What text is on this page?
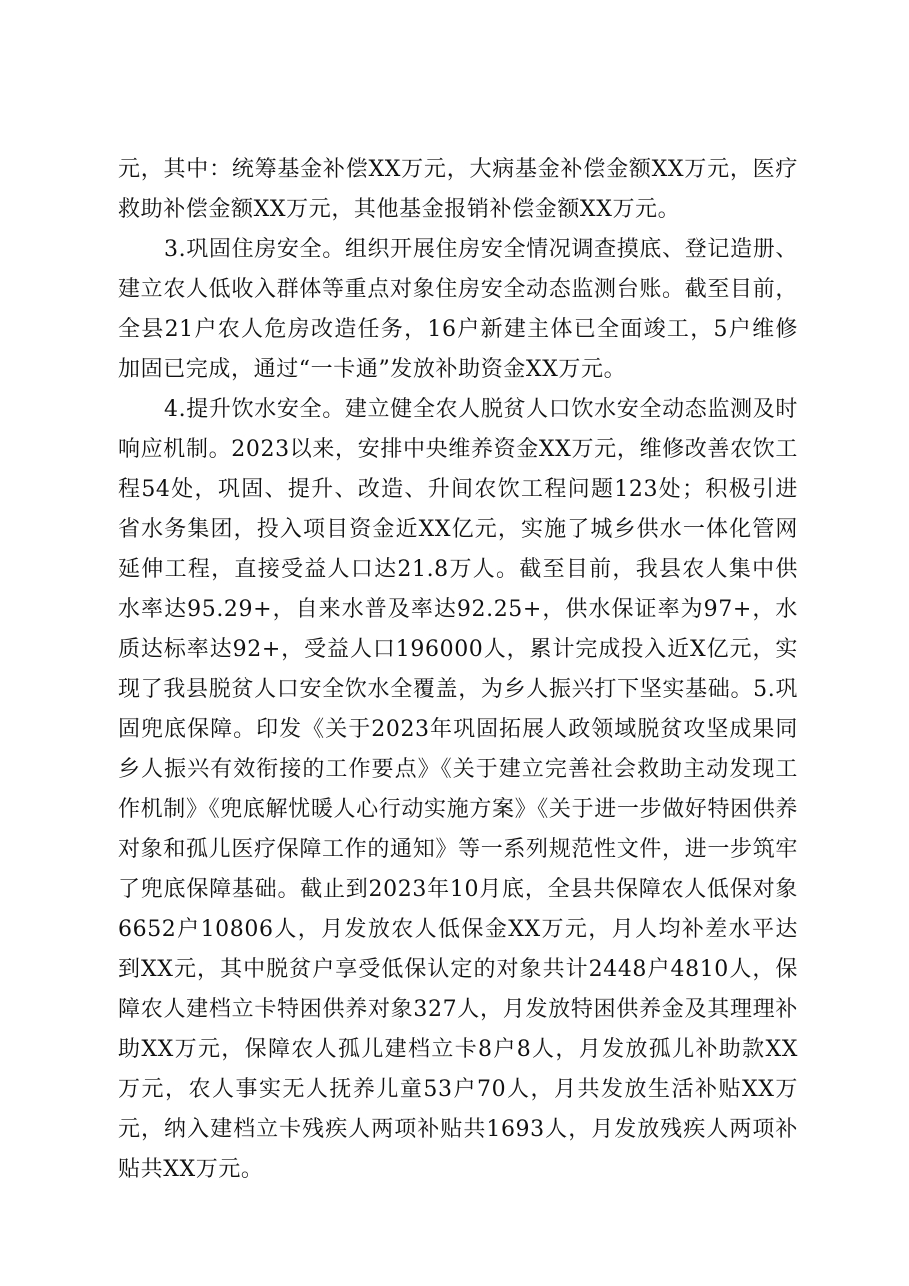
元，其中：统筹基金补偿XX万元，大病基金补偿金额XX万元，医疗救助补偿金额XX万元，其他基金报销补偿金额XX万元。

3.巩固住房安全。组织开展住房安全情况调查摸底、登记造册、建立农人低收入群体等重点对象住房安全动态监测台账。截至目前，全县21户农人危房改造任务，16户新建主体已全面竣工，5户维修加固已完成，通过“一卡通”发放补助资金XX万元。

4.提升饮水安全。建立健全农人脱贫人口饮水安全动态监测及时响应机制。2023以来，安排中央维养资金XX万元，维修改善农饮工程54处，巩固、提升、改造、升间农饮工程问题123处；积极引进省水务集团，投入项目资金近XX亿元，实施了城乡供水一体化管网延伸工程，直接受益人口达21.8万人。截至目前，我县农人集中供水率达95.29+，自来水普及率达92.25+，供水保证率为97+，水质达标率达92+，受益人口196000人，累计完成投入近X亿元，实现了我县脱贫人口安全饮水全覆盖，为乡人振兴打下坚实基础。5.巩固兜底保障。印发《关于2023年巩固拓展人政领域脱贫攻坚成果同乡人振兴有效衔接的工作要点》《关于建立完善社会救助主动发现工作机制》《兜底解忧暖人心行动实施方案》《关于进一步做好特困供养对象和孤儿医疗保障工作的通知》等一系列规范性文件，进一步筑牢了兜底保障基础。截止到2023年10月底，全县共保障农人低保对象6652户10806人，月发放农人低保金XX万元，月人均补差水平达到XX元，其中脱贫户享受低保认定的对象共计2448户4810人，保障农人建档立卡特困供养对象327人，月发放特困供养金及其理理补助XX万元，保障农人孤儿建档立卡8户8人，月发放孤儿补助款XX万元，农人事实无人抚养儿童53户70人，月共发放生活补贴XX万元，纳入建档立卡残疾人两项补贴共1693人，月发放残疾人两项补贴共XX万元。
